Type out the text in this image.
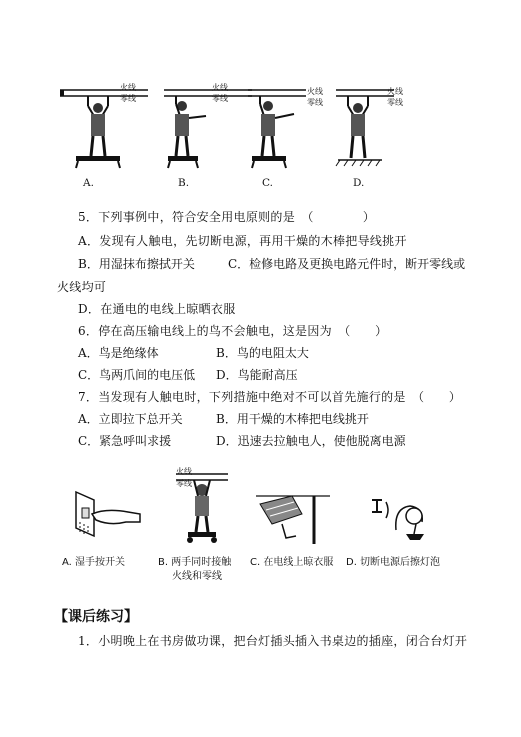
火线
零线
火线
零线
火线
零线
火线
零线
A.	B.	C.	D.
5．下列事例中，符合安全用电原则的是　（　　　　）
A．发现有人触电，先切断电源，再用干燥的木棒把导线挑开
B．用湿抹布擦拭开关	C．检修电路及更换电路元件时，断开零线或
火线均可
D．在通电的电线上晾晒衣服
6．停在高压输电线上的鸟不会触电，这是因为　（　　）
A．鸟是绝缘体	B．鸟的电阻太大
C．鸟两爪间的电压低 D．鸟能耐高压
7．当发现有人触电时，下列措施中绝对不可以首先施行的是　（　　）
A．立即拉下总开关	B．用干燥的木棒把电线挑开
C．紧急呼叫求援	D．迅速去拉触电人，使他脱离电源
火线
零线
A. 湿手按开关	B. 两手同时接触
火线和零线
C. 在电线上晾衣服 D. 切断电源后擦灯泡
【课后练习】
1．小明晚上在书房做功课，把台灯插头插入书桌边的插座，闭合台灯开
